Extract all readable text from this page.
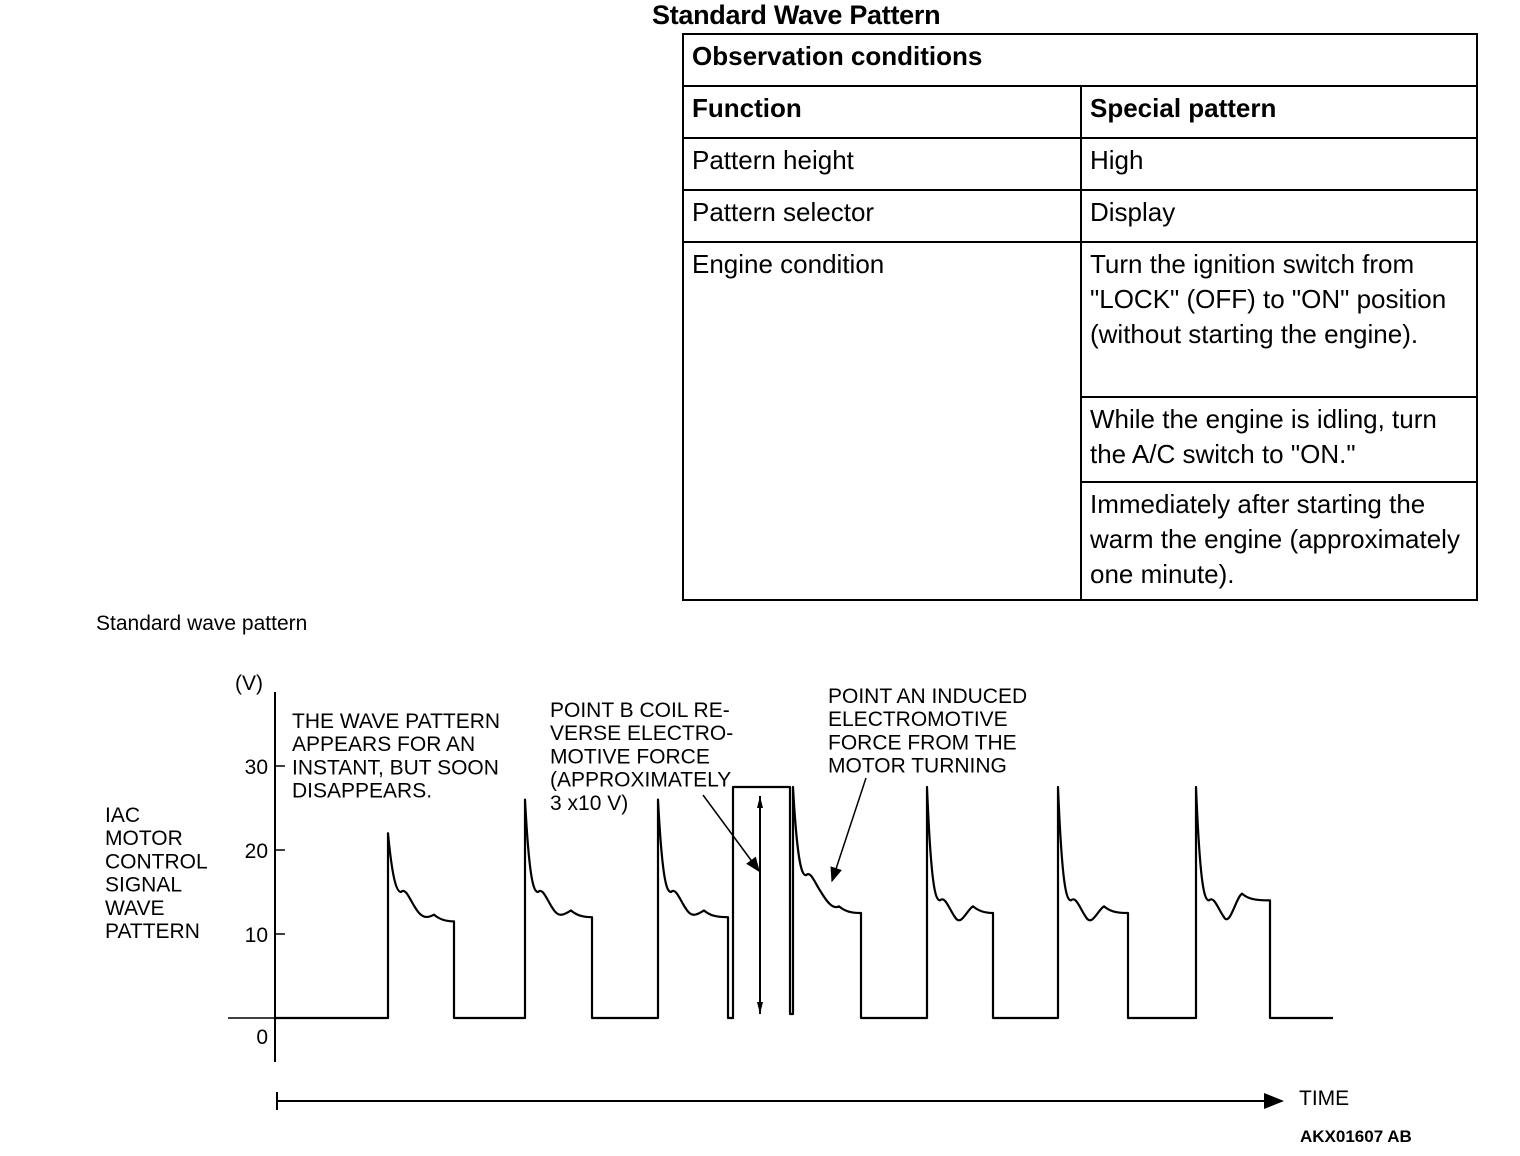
Standard Wave Pattern
Observation conditions	
Function	Special pattern
Pattern height	High
Pattern selector	Display
Engine condition	Turn the ignition switch from "LOCK" (OFF) to "ON" position (without starting the engine).
	While the engine is idling, turn the A/C switch to "ON."
	Immediately after starting the warm the engine (approximately one minute).
Standard wave pattern
(V)
0
10
20
30
IAC
MOTOR
CONTROL
SIGNAL
WAVE
PATTERN
THE WAVE PATTERN
APPEARS FOR AN
INSTANT, BUT SOON
DISAPPEARS.
POINT B COIL RE-
VERSE ELECTRO-
MOTIVE FORCE
(APPROXIMATELY
3 x10 V)
POINT AN INDUCED
ELECTROMOTIVE
FORCE FROM THE
MOTOR TURNING
TIME
AKX01607 AB
